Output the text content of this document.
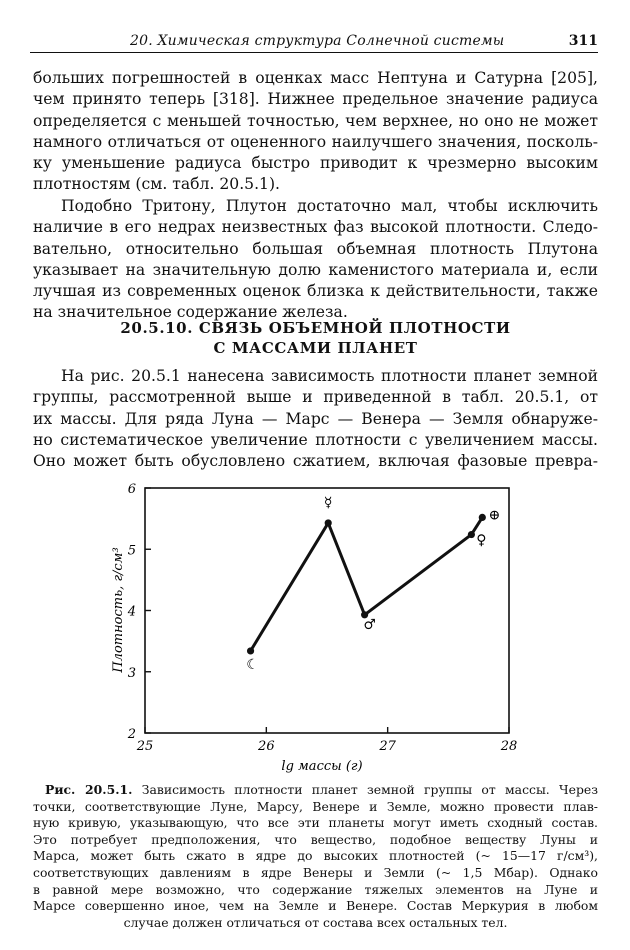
20. Химическая структура Солнечной системы	311
больших погрешностей в оценках масс Нептуна и Сатурна [205],
чем принято теперь [318]. Нижнее предельное значение радиуса
определяется с меньшей точностью, чем верхнее, но оно не может
намного отличаться от оцененного наилучшего значения, посколь-
ку уменьшение радиуса быстро приводит к чрезмерно высоким
плотностям (см. табл. 20.5.1).
Подобно Тритону, Плутон достаточно мал, чтобы исключить
наличие в его недрах неизвестных фаз высокой плотности. Следо-
вательно, относительно большая объемная плотность Плутона
указывает на значительную долю каменистого материала и, если
лучшая из современных оценок близка к действительности, также
на значительное содержание железа.
20.5.10. СВЯЗЬ ОБЪЕМНОЙ ПЛОТНОСТИ
С МАССАМИ ПЛАНЕТ
На рис. 20.5.1 нанесена зависимость плотности планет земной
группы, рассмотренной выше и приведенной в табл. 20.5.1, от
их массы. Для ряда Луна — Марс — Венера — Земля обнаруже-
но систематическое увеличение плотности с увеличением массы.
Оно может быть обусловлено сжатием, включая фазовые превра-
25	26	27	28
2
3
4
5
6
☾
☿
♂
♀
⊕
lg массы (г)
Плотность, г/см³
Рис. 20.5.1. Зависимость плотности планет земной группы от массы. Через
точки, соответствующие Луне, Марсу, Венере и Земле, можно провести плав-
ную кривую, указывающую, что все эти планеты могут иметь сходный состав.
Это потребует предположения, что вещество, подобное веществу Луны и
Марса, может быть сжато в ядре до высоких плотностей (~ 15—17 г/см³),
соответствующих давлениям в ядре Венеры и Земли (~ 1,5 Мбар). Однако
в равной мере возможно, что содержание тяжелых элементов на Луне и
Марсе совершенно иное, чем на Земле и Венере. Состав Меркурия в любом
случае должен отличаться от состава всех остальных тел.
